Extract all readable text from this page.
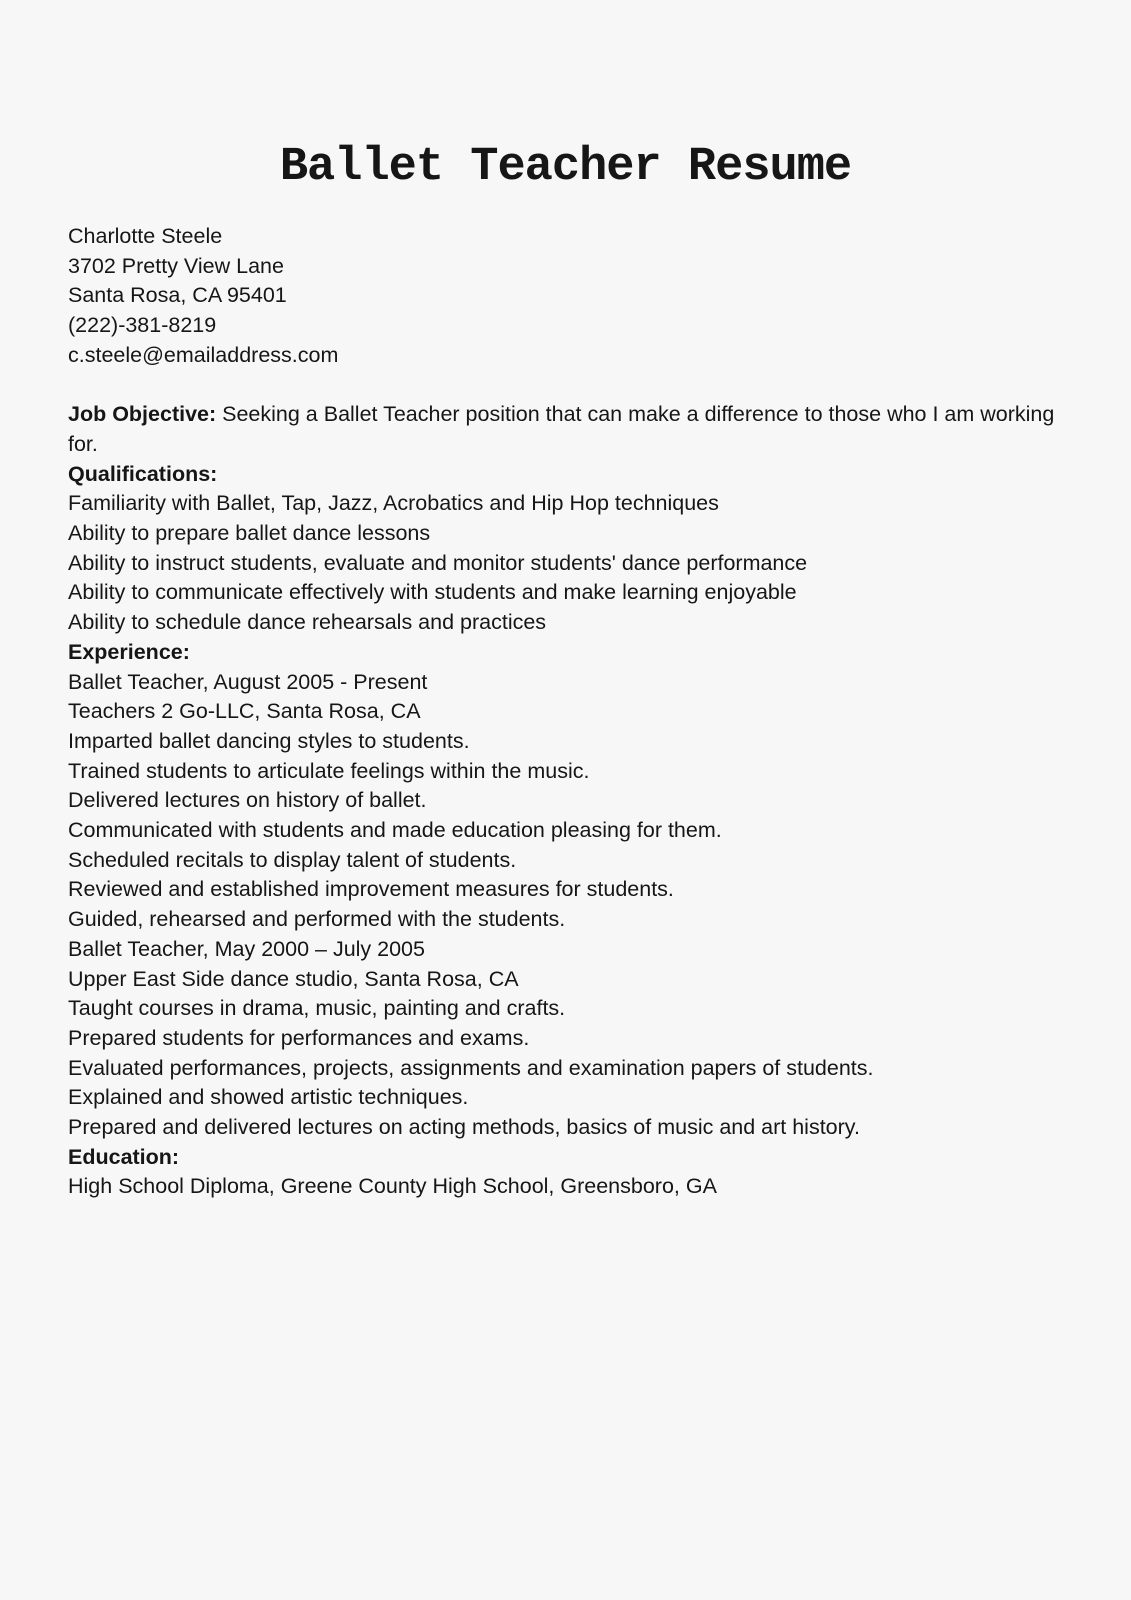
Ballet Teacher Resume

Charlotte Steele

3702 Pretty View Lane

Santa Rosa, CA 95401

(222)-381-8219

c.steele@emailaddress.com

Job Objective: Seeking a Ballet Teacher position that can make a difference to those who I am working for.

Qualifications:

Familiarity with Ballet, Tap, Jazz, Acrobatics and Hip Hop techniques

Ability to prepare ballet dance lessons

Ability to instruct students, evaluate and monitor students' dance performance

Ability to communicate effectively with students and make learning enjoyable

Ability to schedule dance rehearsals and practices

Experience:

Ballet Teacher, August 2005 - Present

Teachers 2 Go-LLC, Santa Rosa, CA

Imparted ballet dancing styles to students.

Trained students to articulate feelings within the music.

Delivered lectures on history of ballet.

Communicated with students and made education pleasing for them.

Scheduled recitals to display talent of students.

Reviewed and established improvement measures for students.

Guided, rehearsed and performed with the students.

Ballet Teacher, May 2000 – July 2005

Upper East Side dance studio, Santa Rosa, CA

Taught courses in drama, music, painting and crafts.

Prepared students for performances and exams.

Evaluated performances, projects, assignments and examination papers of students.

Explained and showed artistic techniques.

Prepared and delivered lectures on acting methods, basics of music and art history.

Education:

High School Diploma, Greene County High School, Greensboro, GA
